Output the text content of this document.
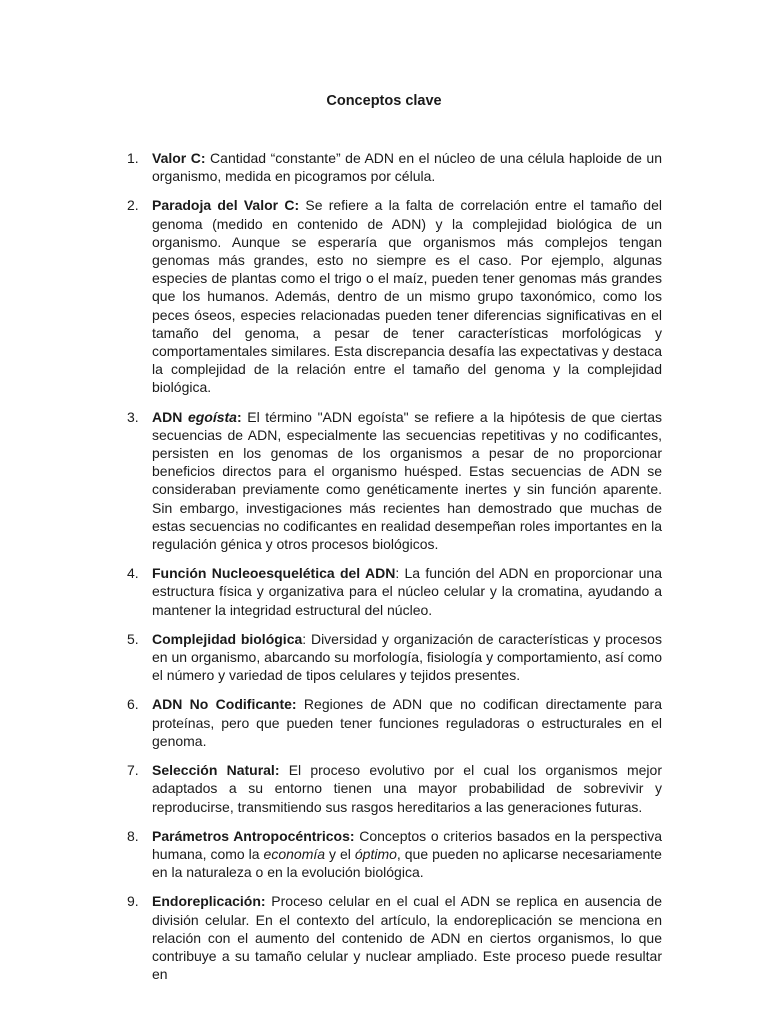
Conceptos clave
1. Valor C: Cantidad “constante” de ADN en el núcleo de una célula haploide de un organismo, medida en picogramos por célula.
2. Paradoja del Valor C: Se refiere a la falta de correlación entre el tamaño del genoma (medido en contenido de ADN) y la complejidad biológica de un organismo. Aunque se esperaría que organismos más complejos tengan genomas más grandes, esto no siempre es el caso. Por ejemplo, algunas especies de plantas como el trigo o el maíz, pueden tener genomas más grandes que los humanos. Además, dentro de un mismo grupo taxonómico, como los peces óseos, especies relacionadas pueden tener diferencias significativas en el tamaño del genoma, a pesar de tener características morfológicas y comportamentales similares. Esta discrepancia desafía las expectativas y destaca la complejidad de la relación entre el tamaño del genoma y la complejidad biológica.
3. ADN egoísta: El término "ADN egoísta" se refiere a la hipótesis de que ciertas secuencias de ADN, especialmente las secuencias repetitivas y no codificantes, persisten en los genomas de los organismos a pesar de no proporcionar beneficios directos para el organismo huésped. Estas secuencias de ADN se consideraban previamente como genéticamente inertes y sin función aparente. Sin embargo, investigaciones más recientes han demostrado que muchas de estas secuencias no codificantes en realidad desempeñan roles importantes en la regulación génica y otros procesos biológicos.
4. Función Nucleoesquelética del ADN: La función del ADN en proporcionar una estructura física y organizativa para el núcleo celular y la cromatina, ayudando a mantener la integridad estructural del núcleo.
5. Complejidad biológica: Diversidad y organización de características y procesos en un organismo, abarcando su morfología, fisiología y comportamiento, así como el número y variedad de tipos celulares y tejidos presentes.
6. ADN No Codificante: Regiones de ADN que no codifican directamente para proteínas, pero que pueden tener funciones reguladoras o estructurales en el genoma.
7. Selección Natural: El proceso evolutivo por el cual los organismos mejor adaptados a su entorno tienen una mayor probabilidad de sobrevivir y reproducirse, transmitiendo sus rasgos hereditarios a las generaciones futuras.
8. Parámetros Antropocéntricos: Conceptos o criterios basados en la perspectiva humana, como la economía y el óptimo, que pueden no aplicarse necesariamente en la naturaleza o en la evolución biológica.
9. Endoreplicación: Proceso celular en el cual el ADN se replica en ausencia de división celular. En el contexto del artículo, la endoreplicación se menciona en relación con el aumento del contenido de ADN en ciertos organismos, lo que contribuye a su tamaño celular y nuclear ampliado. Este proceso puede resultar en
